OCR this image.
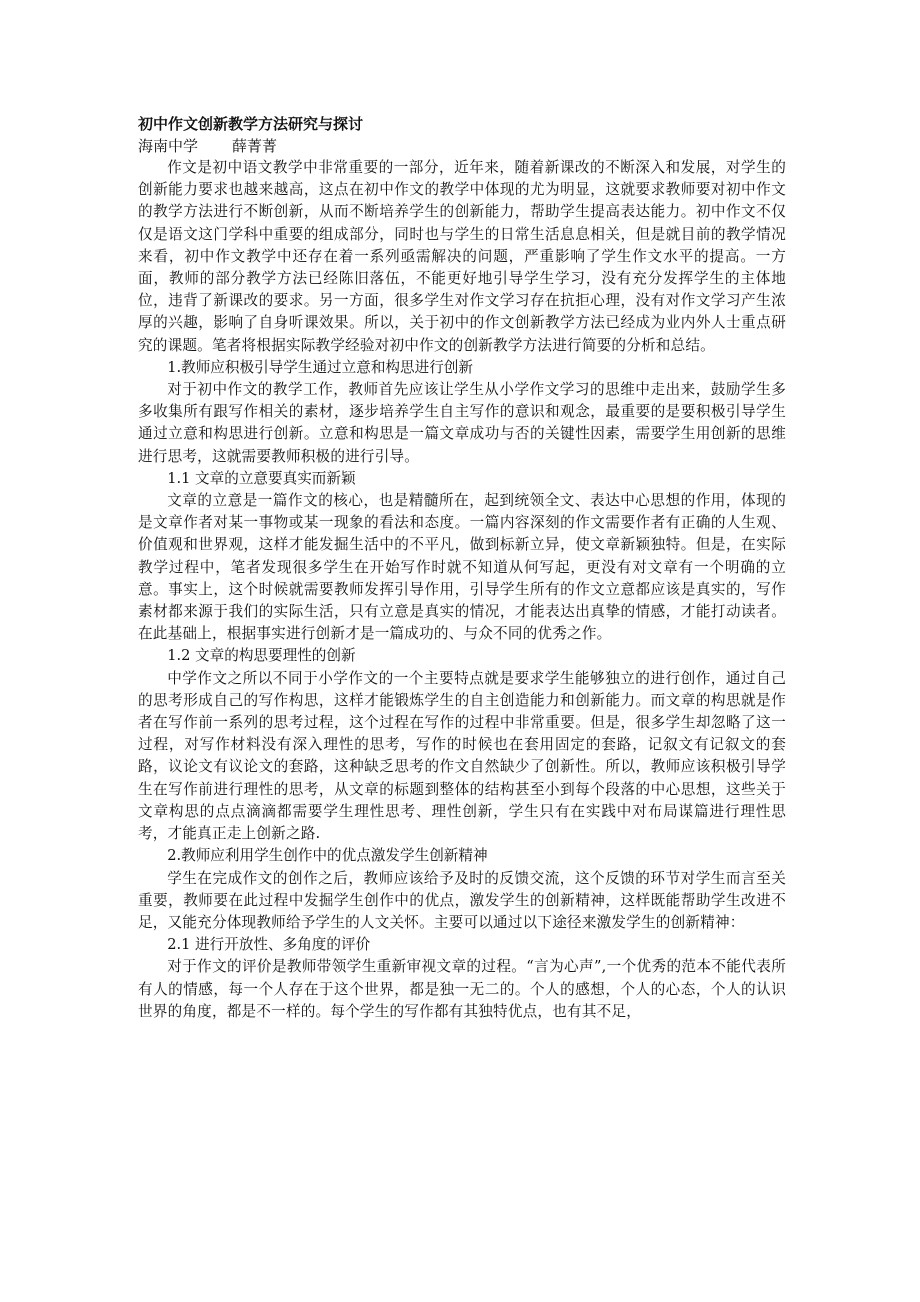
初中作文创新教学方法研究与探讨

海南中学 薛菁菁

作文是初中语文教学中非常重要的一部分，近年来，随着新课改的不断深入和发展，对学生的创新能力要求也越来越高，这点在初中作文的教学中体现的尤为明显，这就要求教师要对初中作文的教学方法进行不断创新，从而不断培养学生的创新能力，帮助学生提高表达能力。初中作文不仅仅是语文这门学科中重要的组成部分，同时也与学生的日常生活息息相关，但是就目前的教学情况来看，初中作文教学中还存在着一系列亟需解决的问题，严重影响了学生作文水平的提高。一方面，教师的部分教学方法已经陈旧落伍，不能更好地引导学生学习，没有充分发挥学生的主体地位，违背了新课改的要求。另一方面，很多学生对作文学习存在抗拒心理，没有对作文学习产生浓厚的兴趣，影响了自身听课效果。所以，关于初中的作文创新教学方法已经成为业内外人士重点研究的课题。笔者将根据实际教学经验对初中作文的创新教学方法进行简要的分析和总结。

1.教师应积极引导学生通过立意和构思进行创新

对于初中作文的教学工作，教师首先应该让学生从小学作文学习的思维中走出来，鼓励学生多多收集所有跟写作相关的素材，逐步培养学生自主写作的意识和观念，最重要的是要积极引导学生通过立意和构思进行创新。立意和构思是一篇文章成功与否的关键性因素，需要学生用创新的思维进行思考，这就需要教师积极的进行引导。

1.1 文章的立意要真实而新颖

文章的立意是一篇作文的核心，也是精髓所在，起到统领全文、表达中心思想的作用，体现的是文章作者对某一事物或某一现象的看法和态度。一篇内容深刻的作文需要作者有正确的人生观、价值观和世界观，这样才能发掘生活中的不平凡，做到标新立异，使文章新颖独特。但是，在实际教学过程中，笔者发现很多学生在开始写作时就不知道从何写起，更没有对文章有一个明确的立意。事实上，这个时候就需要教师发挥引导作用，引导学生所有的作文立意都应该是真实的，写作素材都来源于我们的实际生活，只有立意是真实的情况，才能表达出真挚的情感，才能打动读者。在此基础上，根据事实进行创新才是一篇成功的、与众不同的优秀之作。

1.2 文章的构思要理性的创新

中学作文之所以不同于小学作文的一个主要特点就是要求学生能够独立的进行创作，通过自己的思考形成自己的写作构思，这样才能锻炼学生的自主创造能力和创新能力。而文章的构思就是作者在写作前一系列的思考过程，这个过程在写作的过程中非常重要。但是，很多学生却忽略了这一过程，对写作材料没有深入理性的思考，写作的时候也在套用固定的套路，记叙文有记叙文的套路，议论文有议论文的套路，这种缺乏思考的作文自然缺少了创新性。所以，教师应该积极引导学生在写作前进行理性的思考，从文章的标题到整体的结构甚至小到每个段落的中心思想，这些关于文章构思的点点滴滴都需要学生理性思考、理性创新，学生只有在实践中对布局谋篇进行理性思考，才能真正走上创新之路.

2.教师应利用学生创作中的优点激发学生创新精神

学生在完成作文的创作之后，教师应该给予及时的反馈交流，这个反馈的环节对学生而言至关重要，教师要在此过程中发掘学生创作中的优点，激发学生的创新精神，这样既能帮助学生改进不足，又能充分体现教师给予学生的人文关怀。主要可以通过以下途径来激发学生的创新精神：

2.1 进行开放性、多角度的评价

对于作文的评价是教师带领学生重新审视文章的过程。“言为心声”,一个优秀的范本不能代表所有人的情感，每一个人存在于这个世界，都是独一无二的。个人的感想，个人的心态，个人的认识世界的角度，都是不一样的。每个学生的写作都有其独特优点，也有其不足，
